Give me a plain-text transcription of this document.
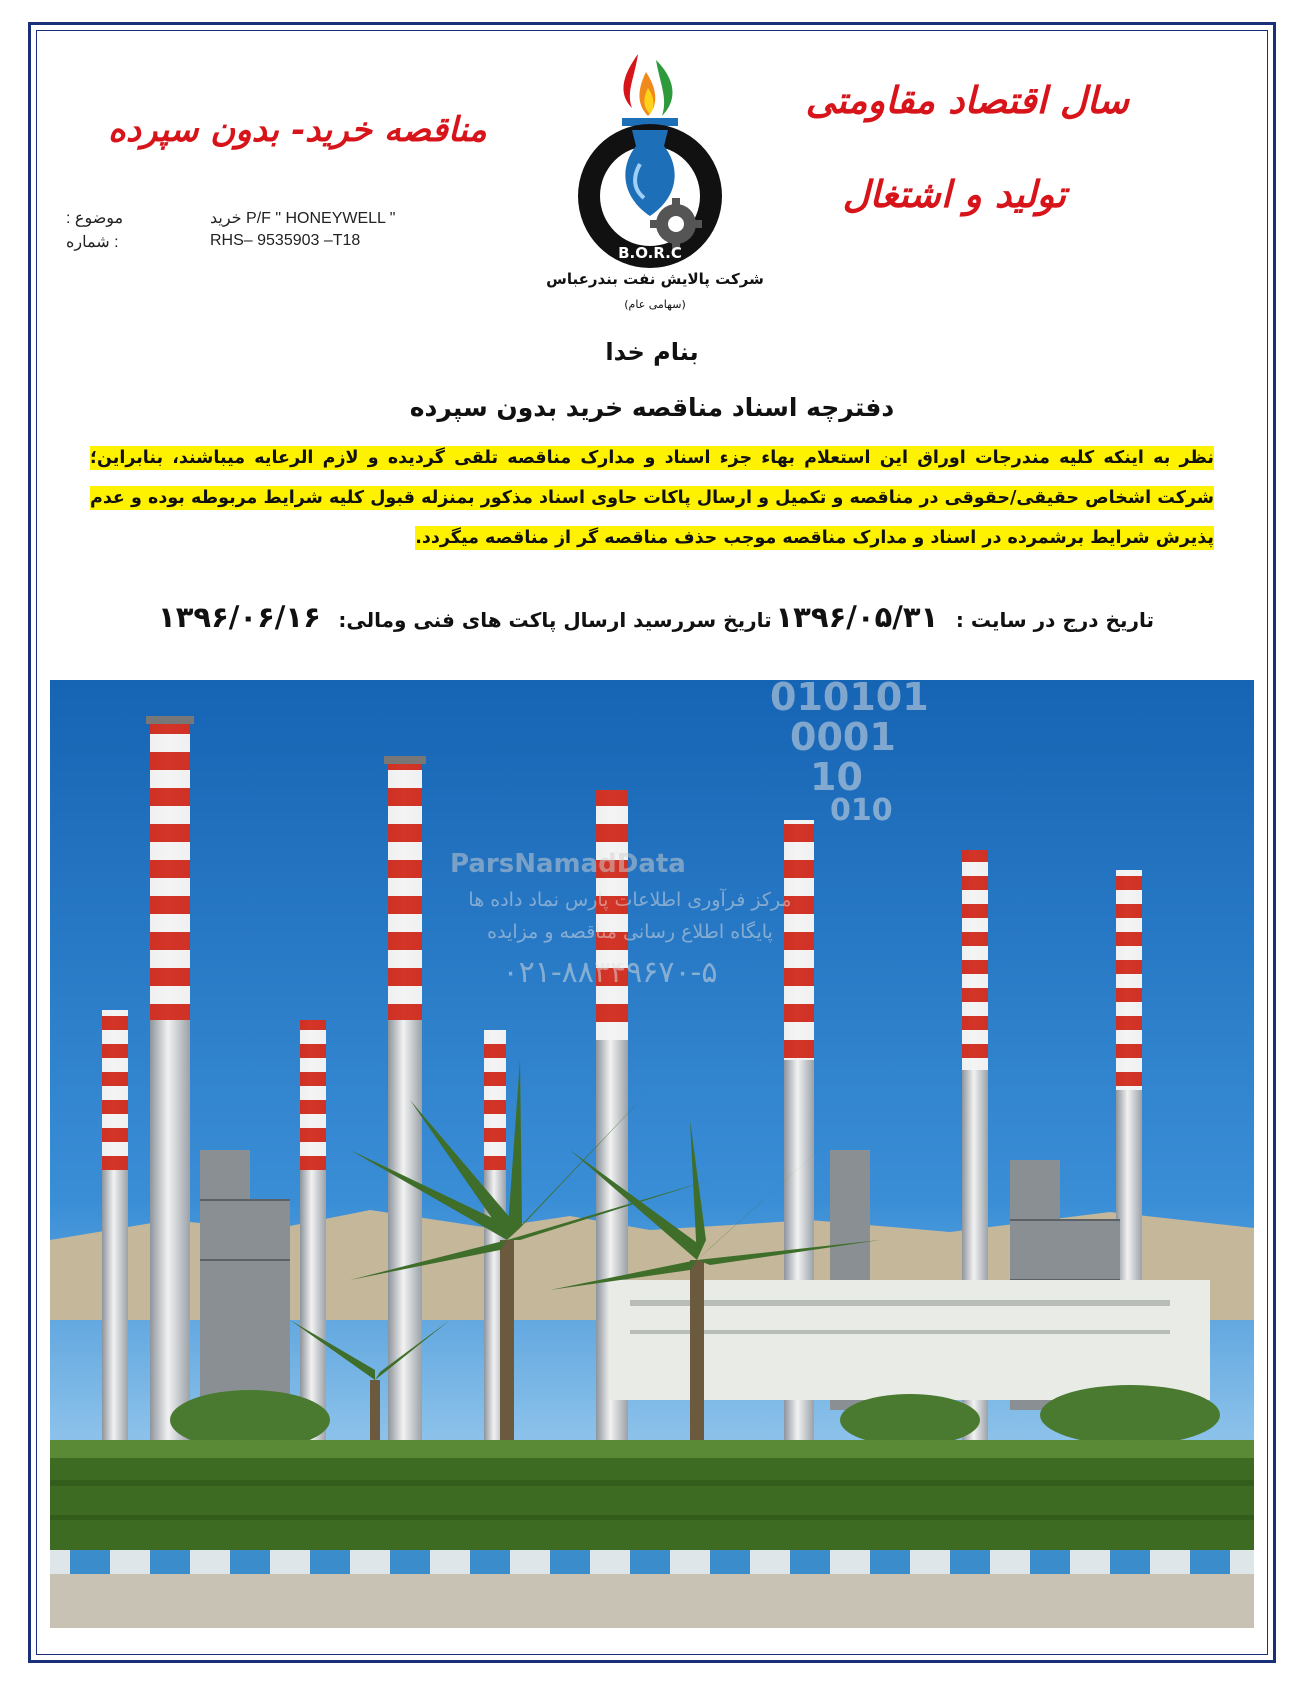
سال اقتصاد مقاومتی
تولید و اشتغال
مناقصه خرید- بدون سپرده
موضوع :	خرید P/F " HONEYWELL "
: شماره	RHS– 9535903 –T18
B.O.R.C
شرکت پالایش نفت بندرعباس
(سهامی عام)
بنام خدا
دفترچه اسناد مناقصه خرید بدون سپرده
نظر به اینکه کلیه مندرجات اوراق این استعلام بهاء جزء اسناد و مدارک مناقصه تلقی گردیده و لازم الرعایه میباشند، بنابراین؛ شرکت اشخاص حقیقی/حقوقی در مناقصه و تکمیل و ارسال پاکات حاوی اسناد مذکور بمنزله قبول کلیه شرایط مربوطه بوده و عدم پذیرش شرایط برشمرده در اسناد و مدارک مناقصه موجب حذف مناقصه گر از مناقصه میگردد.
تاریخ درج در سایت : ۱۳۹۶/۰۵/۳۱
تاریخ سررسید ارسال پاکت های فنی ومالی: ۱۳۹۶/۰۶/۱۶
010101
0001
10
010
ParsNamadData
مرکز فرآوری اطلاعات پارس نماد داده ها
پایگاه اطلاع رسانی مناقصه و مزایده
۰۲۱-۸۸۳۴۹۶۷۰-۵
